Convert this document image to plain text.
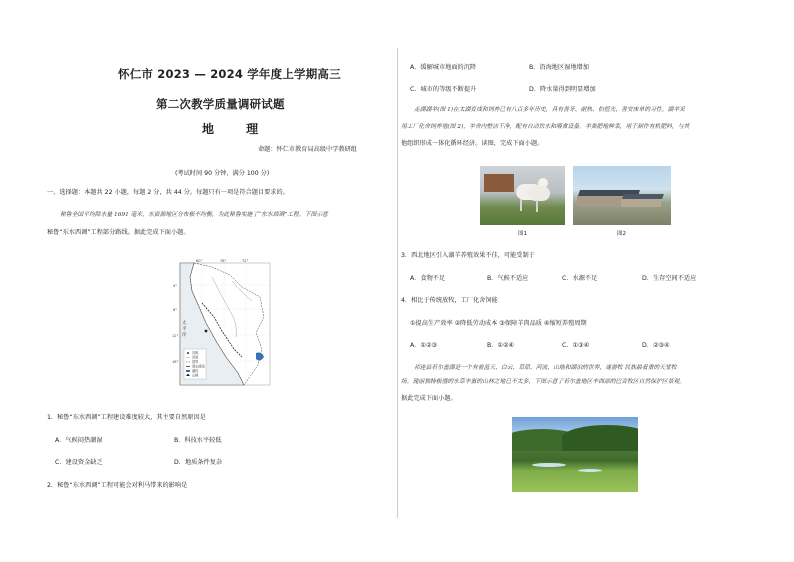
怀仁市 2023 — 2024 学年度上学期高三
第二次教学质量调研试题
地 理
命题：怀仁市教育局高级中学教研组
(考试时间 90 分钟，满分 100 分)
一、选择题：本题共 22 小题，每题 2 分，共 44 分。每题只有一项是符合题目要求的。
秘鲁全国平均降水量 1691 毫米，水资源地区分布极不均衡，为此秘鲁实施了“东水西调”工程。下图示意
秘鲁“东水西调”工程部分路线。据此完成下面小题。
首都
河流
国界
调水路线
湖泊
山峰
80°	76°	72°
4°
8°
12°
16°
太平洋
1．秘鲁“东水西调”工程建设难度较大，其主要自然原因是
A．气候闷热潮湿	B．科技水平较低
C．建设资金缺乏	D．地质条件复杂
2．秘鲁“东水西调”工程可能会对利马带来的影响是
A．缓解城市地面的沉降	B．沿海地区湿地增加
C．城市的等级不断提升	D．降水量得到明显增加
走湖湖羊(图 1)在太湖育成和饲养已有八百多年历史，具有善牙、耐热、怕恒光、善安床单的习性。湖羊采
用工厂化舍饲养殖(图 2)，羊舍内整洁干净，配有自动饮水和喂食设备。羊粪肥地种菜，用于制作有机肥料，与其
他组织形成一体化循环经济。读图，完成下面小题。
图1	图2
3．西北地区引入湖羊养殖效果不佳，可能受制于
A．食物不足	B．气候不适应	C．水源不足	D．生存空间不适应
4．相比于传统放牧，工厂化舍饲能
①提高生产效率 ②降低劳动成本 ③保障羊肉品质 ④缩短养殖周期
A．①②③	B．①②④	C．①③④	D．②③④
祁连县若尔盖湖是一个有着蓝天、白云、草原、河流、山地和湖泊的世界，遂游牧 民族最看重的天堂牧
场。瑰丽独特极盛的水草丰富的山林之地已不太多，下图示意了若尔盖地区丰西部的巴音牧区自然保护区景观。
据此完成下面小题。
